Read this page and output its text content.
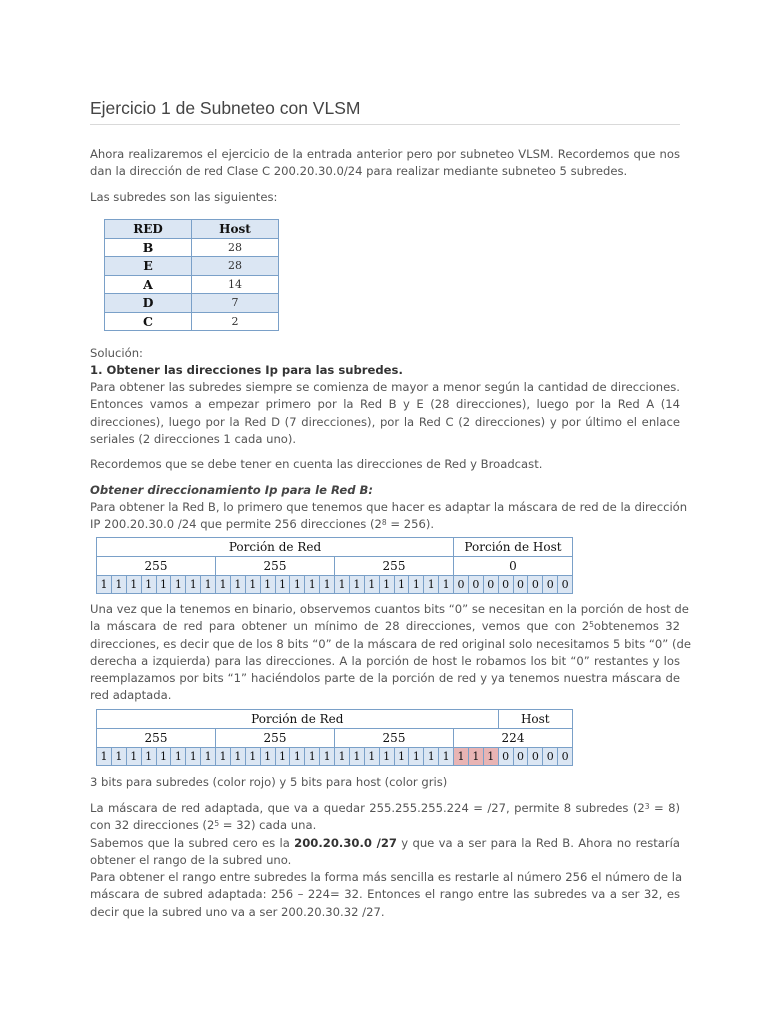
Ejercicio 1 de Subneteo con VLSM
Ahora realizaremos el ejercicio de la entrada anterior pero por subneteo VLSM. Recordemos que nos
dan la dirección de red Clase C 200.20.30.0/24 para realizar mediante subneteo 5 subredes.
Las subredes son las siguientes:
RED	Host
B	28
E	28
A	14
D	7
C	2
Solución:
1. Obtener las direcciones Ip para las subredes.
Para obtener las subredes siempre se comienza de mayor a menor según la cantidad de direcciones.
Entonces vamos a empezar primero por la Red B y E (28 direcciones), luego por la Red A (14
direcciones), luego por la Red D (7 direcciones), por la Red C (2 direcciones) y por último el enlace
seriales (2 direcciones 1 cada uno).
Recordemos que se debe tener en cuenta las direcciones de Red y Broadcast.
Obtener direccionamiento Ip para le Red B:
Para obtener la Red B, lo primero que tenemos que hacer es adaptar la máscara de red de la dirección
IP 200.20.30.0 /24 que permite 256 direcciones $(2^8 = 256)$.
Porción de Red	Porción de Host
255	255	255	0
1 1 1 1 1 1 1 1 1 1 1 1 1 1 1 1 1 1 1 1 1 1 1 1 0 0 0 0 0 0 0 0
Una vez que la tenemos en binario, observemos cuantos bits “0” se necesitan en la porción de host de
la máscara de red para obtener un mínimo de 28 direcciones, vemos que con $2^5obtenemos$ 32
direcciones, es decir que de los 8 bits “0” de la máscara de red original solo necesitamos 5 bits “0” (de
derecha a izquierda) para las direcciones. A la porción de host le robamos los bit “0” restantes y los
reemplazamos por bits “1” haciéndolos parte de la porción de red y ya tenemos nuestra máscara de
red adaptada.
Porción de Red	Host
255	255	255	224
1 1 1 1 1 1 1 1 1 1 1 1 1 1 1 1 1 1 1 1 1 1 1 1 1 1 1 0 0 0 0 0
3 bits para subredes (color rojo) y 5 bits para host (color gris)
La máscara de red adaptada, que va a quedar 255.255.255.224 = /27, permite 8 subredes $(2^3 = 8)$
con 32 direcciones $(2^5 = 32)$ cada una.
Sabemos que la subred cero es la 200.20.30.0 /27 y que va a ser para la Red B. Ahora no restaría
obtener el rango de la subred uno.
Para obtener el rango entre subredes la forma más sencilla es restarle al número 256 el número de la
máscara de subred adaptada: 256 – 224= 32. Entonces el rango entre las subredes va a ser 32, es
decir que la subred uno va a ser 200.20.30.32 /27.
